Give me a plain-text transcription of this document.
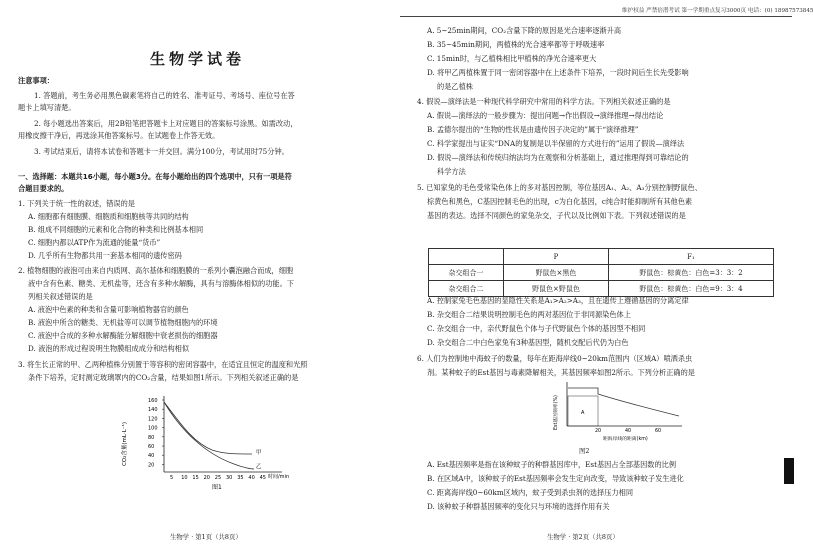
维护权益 严禁倍潜考试 第一学期重点复习3000页 电话：(0) 18987573845
生物学试卷
注意事项：
1. 答题前，考生务必用黑色碳素笔将自己的姓名、准考证号、考场号、座位号在答
题卡上填写清楚。
2. 每小题选出答案后，用2B铅笔把答题卡上对应题目的答案标号涂黑。如需改动，
用橡皮擦干净后，再选涂其他答案标号。在试题卷上作答无效。
3. 考试结束后，请将本试卷和答题卡一并交回。满分100分，考试用时75分钟。
一、选择题：本题共16小题，每小题3分。在每小题给出的四个选项中，只有一项是符
合题目要求的。
1. 下列关于统一性的叙述，错误的是
A. 细胞都有细胞膜、细胞质和细胞核等共同的结构
B. 组成不同细胞的元素和化合物的种类和比例基本相同
C. 细胞内都以ATP作为流通的能量“货币”
D. 几乎所有生物都共用一套基本相同的遗传密码
2. 植物细胞的液泡可由来自内质网、高尔基体和细胞膜的一系列小囊泡融合而成，细胞
液中含有色素、糖类、无机盐等，还含有多种水解酶，具有与溶酶体相似的功能。下
列相关叙述错误的是
A. 液泡中色素的种类和含量可影响植物器官的颜色
B. 液泡中所含的糖类、无机盐等可以调节植物细胞内的环境
C. 液泡中合成的多种水解酶能分解细胞中衰老损伤的细胞器
D. 液泡的形成过程说明生物膜组成成分和结构相似
3. 将生长正常的甲、乙两种植株分别置于等容积的密闭容器中，在适宜且恒定的温度和光照
条件下培养，定时测定玻璃罩内的CO₂含量，结果如图1所示。下列相关叙述正确的是
CO₂含量(mL·L⁻¹)
160
140
120
100
80
60
40
20
5 10 15 20 25 30 35 40 45
甲
乙
时间/min
图1
生物学 · 第1页（共8页）
A. 5~25min期间，CO₂含量下降的原因是光合速率逐渐升高
B. 35~45min期间，两植株的光合速率都等于呼吸速率
C. 15min时，与乙植株相比甲植株的净光合速率更大
D. 将甲乙两植株置于同一密闭容器中在上述条件下培养，一段时间后生长先受影响
的是乙植株
4. 假说—演绎法是一种现代科学研究中常用的科学方法。下列相关叙述正确的是
A. 假说—演绎法的一般步骤为：提出问题→作出假设→演绎推理→得出结论
B. 孟德尔提出的“生物的性状是由遗传因子决定的”属于“演绎推理”
C. 科学家提出与证实“DNA的复制是以半保留的方式进行的”运用了假说—演绎法
D. 假说—演绎法和传统归纳法均为在观察和分析基础上，通过推理得到可靠结论的
科学方法
5. 已知家兔的毛色受常染色体上的多对基因控制，等位基因A₁、A₂、A₃分别控制野鼠色、
棕黄色和黑色，C基因控制毛色的出现，c为白化基因，c纯合时能抑制所有其他色素
基因的表达。选择不同颜色的家兔杂交，子代以及比例如下表。下列叙述错误的是
A. 控制家兔毛色基因的显隐性关系是A₁>A₂>A₃，且在遗传上遵循基因的分离定律
B. 杂交组合二结果说明控制毛色的两对基因位于非同源染色体上
C. 杂交组合一中，亲代野鼠色个体与子代野鼠色个体的基因型不相同
D. 杂交组合二中白色家兔有3种基因型，随机交配后代仍为白色
6. 人们为控制地中海蚊子的数量，每年在距海岸线0~20km范围内（区域A）喷洒杀虫
剂。某种蚊子的Est基因与毒素降解相关，其基因频率如图2所示。下列分析正确的是
Est基因频率(%)	A
20	40	60
距海岸线的距离(km)
图2
A. Est基因频率是指在该种蚊子的种群基因库中，Est基因占全部基因数的比例
B. 在区域A中，该种蚊子的Est基因频率会发生定向改变，导致该种蚊子发生进化
C. 距离海岸线0~60km区域内，蚊子受到杀虫剂的选择压力相同
D. 该种蚊子种群基因频率的变化只与环境的选择作用有关
生物学 · 第2页（共8页）
	P	F₁
杂交组合一	野鼠色×黑色	野鼠色：棕黄色：白色=3：3：2
杂交组合二	野鼠色×野鼠色	野鼠色：棕黄色：白色=9：3：4
